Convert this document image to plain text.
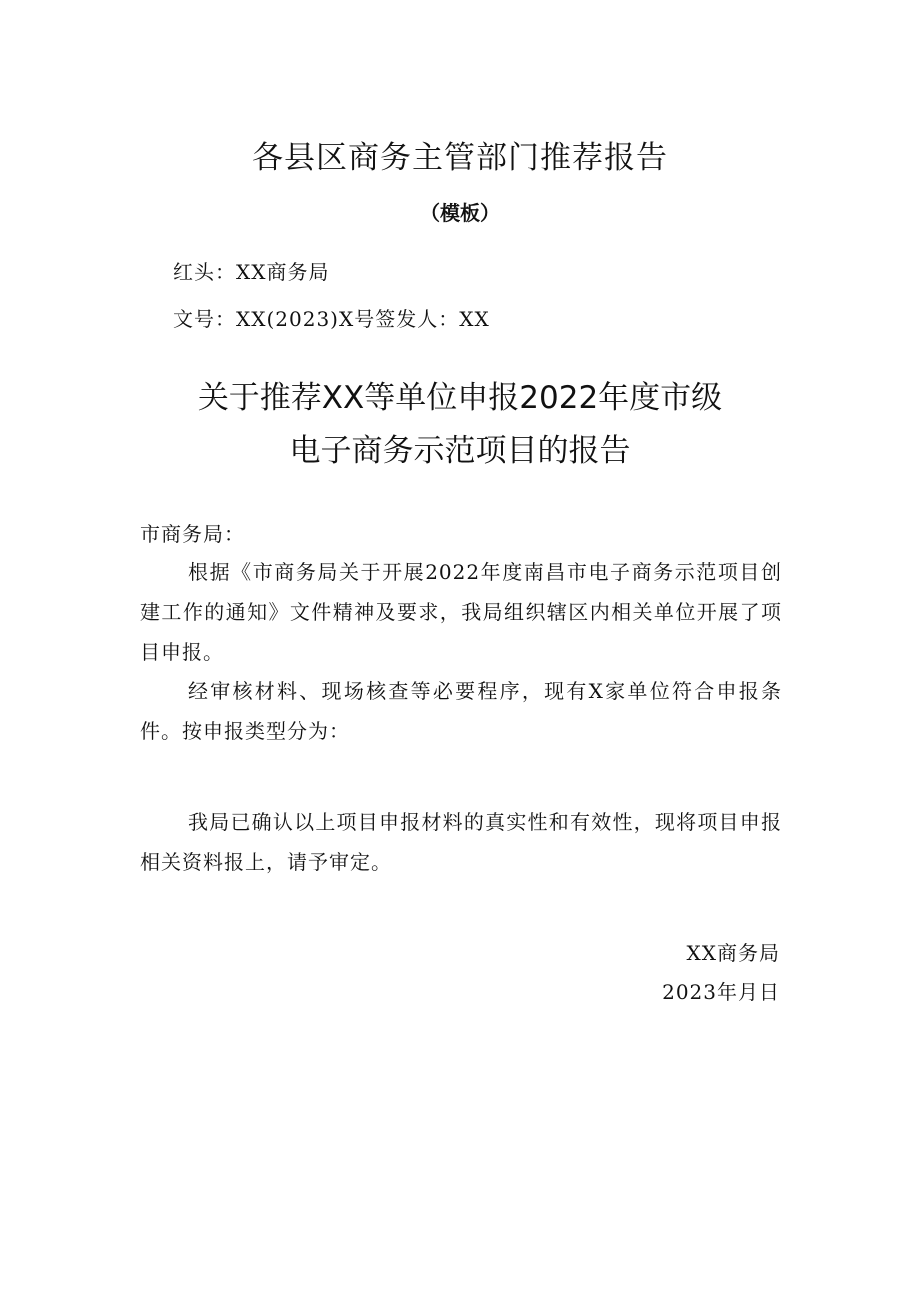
各县区商务主管部门推荐报告
（模板）
红头：XX商务局
文号：XX(2023)X号签发人：XX
关于推荐XX等单位申报2022年度市级
电子商务示范项目的报告
市商务局：
根据《市商务局关于开展2022年度南昌市电子商务示范项目创建工作的通知》文件精神及要求，我局组织辖区内相关单位开展了项目申报。
经审核材料、现场核查等必要程序，现有X家单位符合申报条件。按申报类型分为：
我局已确认以上项目申报材料的真实性和有效性，现将项目申报相关资料报上，请予审定。
XX商务局
2023年月日
